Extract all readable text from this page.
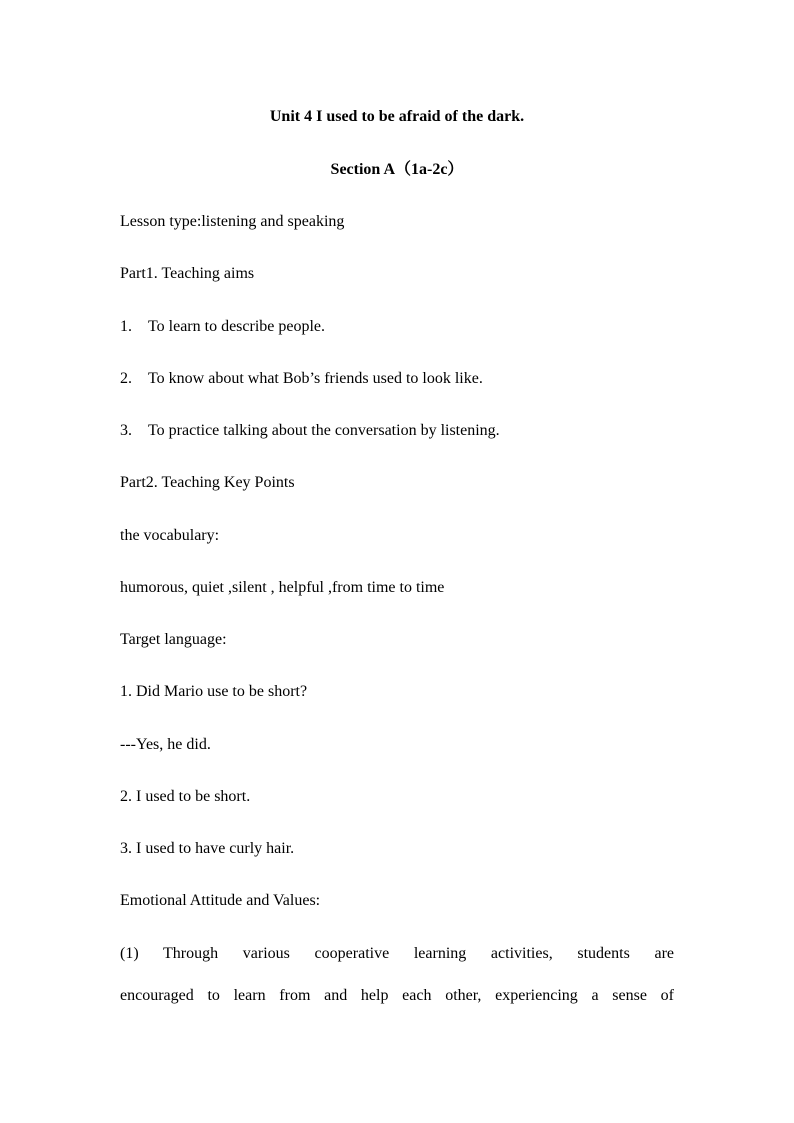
Unit 4 I used to be afraid of the dark.
Section A（1a-2c）
Lesson type:listening and speaking
Part1. Teaching aims
1. To learn to describe people.
2. To know about what Bob’s friends used to look like.
3. To practice talking about the conversation by listening.
Part2. Teaching Key Points
the vocabulary:
humorous, quiet ,silent , helpful ,from time to time
Target language:
1. Did Mario use to be short?
---Yes, he did.
2. I used to be short.
3. I used to have curly hair.
Emotional Attitude and Values:
(1) Through various cooperative learning activities, students are
encouraged to learn from and help each other, experiencing a sense of
